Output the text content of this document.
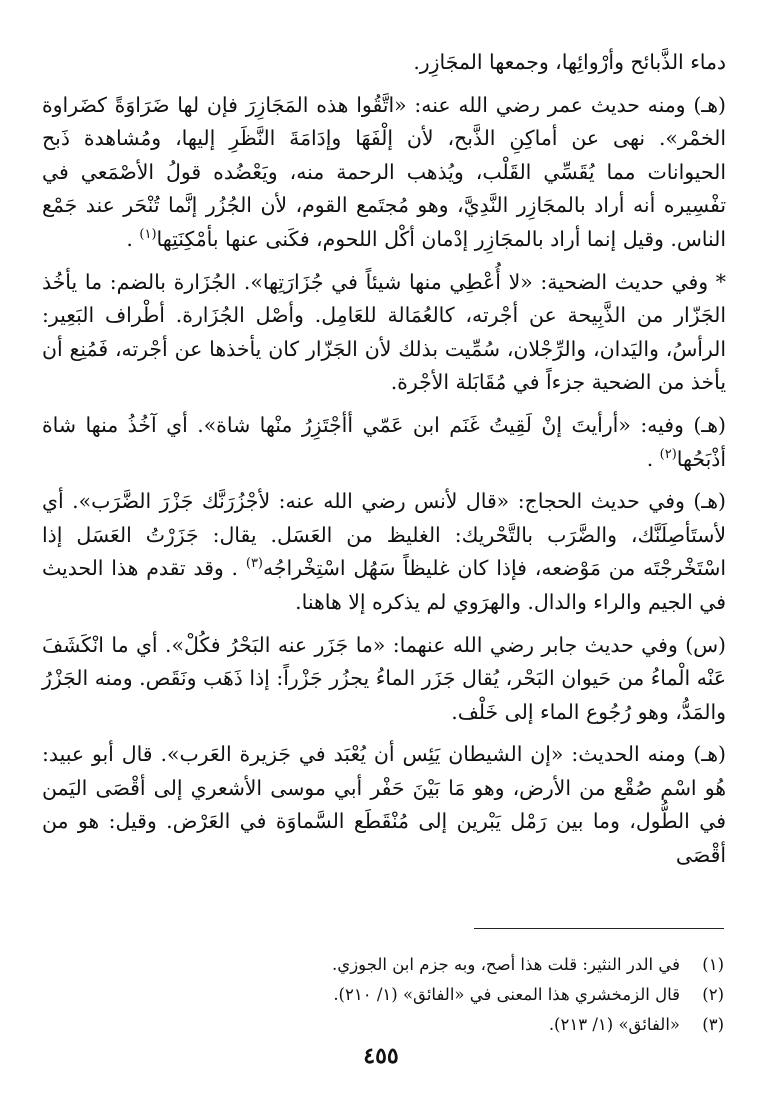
دماء الذَّبائح وأرْوائِها، وجمعها المجَازِر.

(هـ) ومنه حديث عمر رضي الله عنه: «اتَّقُوا هذه المَجَازِرَ فإن لها ضَرَاوَةً كضَراوة الخمْر». نهى عن أماكِنِ الذَّبح، لأن إلْفَهَا وإدَامَةَ النَّظَرِ إليها، ومُشاهدة ذَبح الحيوانات مما يُقَسِّي القَلْب، ويُذهب الرحمة منه، ويَعْضُده قولُ الأصْمَعي في تفْسِيره أنه أراد بالمجَازِر النَّدِيَّ، وهو مُجتَمع القوم، لأن الجُزُر إنَّما تُنْحَر عند جَمْع الناس. وقيل إنما أراد بالمجَازِر إدْمان أكْل اللحوم، فكَنى عنها بأمْكِنَتِها$^{(١)}$ .

* وفي حديث الضحية: «لا أُعْطِي منها شيئاً في جُزَارَتِها». الجُزَارة بالضم: ما يأخُذ الجَزّار من الذَّبِيحة عن أجْرته، كالعُمَالة للعَامِل. وأصْل الجُزَارة. أطْراف البَعِير: الرأسُ، واليَدان، والرِّجْلان، سُمِّيت بذلك لأن الجَزّار كان يأخذها عن أجْرته، فَمُنِع أن يأخذ من الضحية جزءاً في مُقَابَلة الأجْرة.

(هـ) وفيه: «أرأيتَ إنْ لَقِيتُ غَنَم ابن عَمّي أأجْتَزِرُ منْها شاة». أي آخُذُ منها شاة أذْبَحُها$^{(٢)}$ .

(هـ) وفي حديث الحجاج: «قال لأنس رضي الله عنه: لأجْزُرَنَّك جَزْرَ الضَّرَب». أي لأستَأصِلَنَّك، والضَّرَب بالتَّحْريك: الغليظ من العَسَل. يقال: جَزَرْتُ العَسَل إذا اسْتَخْرجْتَه من مَوْضعه، فإذا كان غليظاً سَهُل اسْتِخْراجُه$^{(٣)}$ . وقد تقدم هذا الحديث في الجيم والراء والدال. والهرَوي لم يذكره إلا هاهنا.

(س) وفي حديث جابر رضي الله عنهما: «ما جَزَر عنه البَحْرُ فكُلْ». أي ما انْكَشَفَ عَنْه الْماءُ من حَيوان البَحْر، يُقال جَزَر الماءُ يجزُر جَزْراً: إذا ذَهَب ونَقَص. ومنه الجَزْرُ والمَدُّ، وهو رُجُوع الماء إلى خَلْف.

(هـ) ومنه الحديث: «إن الشيطان يَئِس أن يُعْبَد في جَزيرة العَرب». قال أبو عبيد: هُو اسْم صُقْع من الأرض، وهو مَا بَيْنَ حَفْر أبي موسى الأشعري إلى أقْصَى اليَمن في الطُّول، وما بين رَمْل يَبْرين إلى مُنْقَطَع السَّماوَة في العَرْض. وقيل: هو من أقْصَى

(١)في الدر النثير: قلت هذا أصح، وبه جزم ابن الجوزي.
(٢)قال الزمخشري هذا المعنى في «الفائق» (١/ ٢١٠).
(٣)«الفائق» (١/ ٢١٣).
٤٥٥
